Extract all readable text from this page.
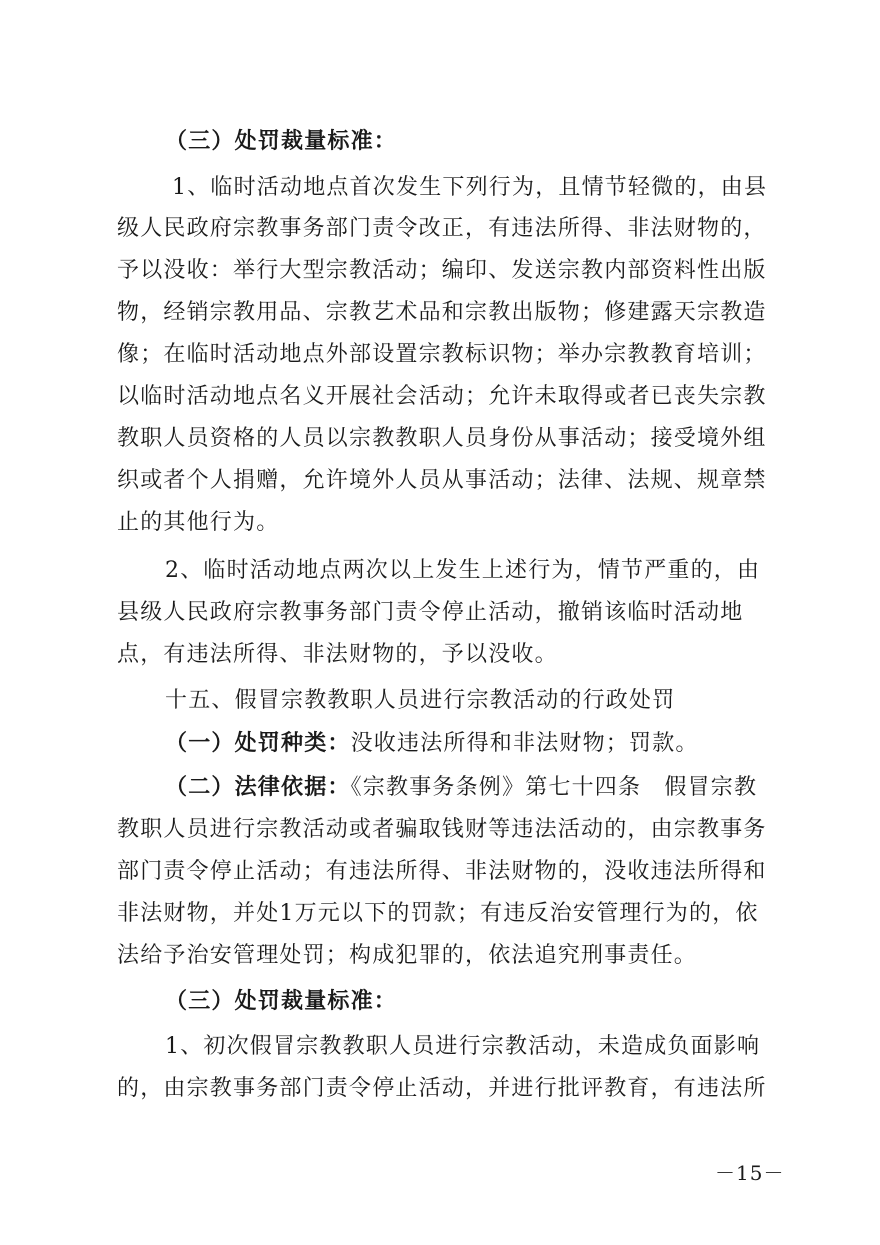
（三）处罚裁量标准：
1、临时活动地点首次发生下列行为，且情节轻微的，由县
级人民政府宗教事务部门责令改正，有违法所得、非法财物的，
予以没收：举行大型宗教活动；编印、发送宗教内部资料性出版
物，经销宗教用品、宗教艺术品和宗教出版物；修建露天宗教造
像；在临时活动地点外部设置宗教标识物；举办宗教教育培训；
以临时活动地点名义开展社会活动；允许未取得或者已丧失宗教
教职人员资格的人员以宗教教职人员身份从事活动；接受境外组
织或者个人捐赠，允许境外人员从事活动；法律、法规、规章禁
止的其他行为。
2、临时活动地点两次以上发生上述行为，情节严重的，由
县级人民政府宗教事务部门责令停止活动，撤销该临时活动地
点，有违法所得、非法财物的，予以没收。
十五、假冒宗教教职人员进行宗教活动的行政处罚
（一）处罚种类：没收违法所得和非法财物；罚款。
（二）法律依据：《宗教事务条例》第七十四条　假冒宗教
教职人员进行宗教活动或者骗取钱财等违法活动的，由宗教事务
部门责令停止活动；有违法所得、非法财物的，没收违法所得和
非法财物，并处1万元以下的罚款；有违反治安管理行为的，依
法给予治安管理处罚；构成犯罪的，依法追究刑事责任。
（三）处罚裁量标准：
1、初次假冒宗教教职人员进行宗教活动，未造成负面影响
的，由宗教事务部门责令停止活动，并进行批评教育，有违法所
－15－
